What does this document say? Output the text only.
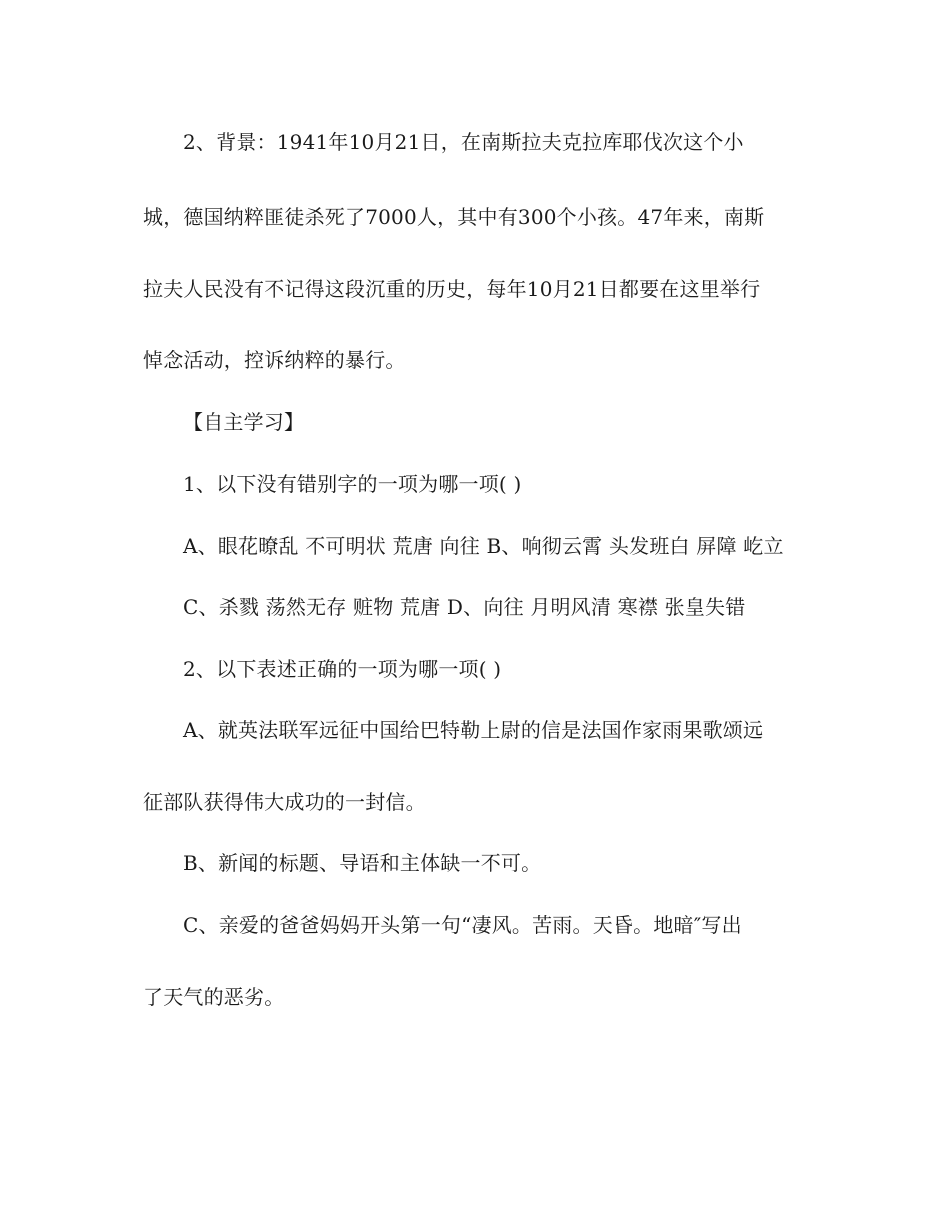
2、背景：1941年10月21日，在南斯拉夫克拉库耶伐次这个小
城，德国纳粹匪徒杀死了7000人，其中有300个小孩。47年来，南斯
拉夫人民没有不记得这段沉重的历史，每年10月21日都要在这里举行
悼念活动，控诉纳粹的暴行。
【自主学习】
1、以下没有错别字的一项为哪一项( )
A、眼花暸乱 不可明状 荒唐 向往 B、响彻云霄 头发班白 屏障 屹立
C、杀戮 荡然无存 赃物 荒唐 D、向往 月明风清 寒襟 张皇失错
2、以下表述正确的一项为哪一项( )
A、就英法联军远征中国给巴特勒上尉的信是法国作家雨果歌颂远
征部队获得伟大成功的一封信。
B、新闻的标题、导语和主体缺一不可。
C、亲爱的爸爸妈妈开头第一句“凄风。苦雨。天昏。地暗″写出
了天气的恶劣。
